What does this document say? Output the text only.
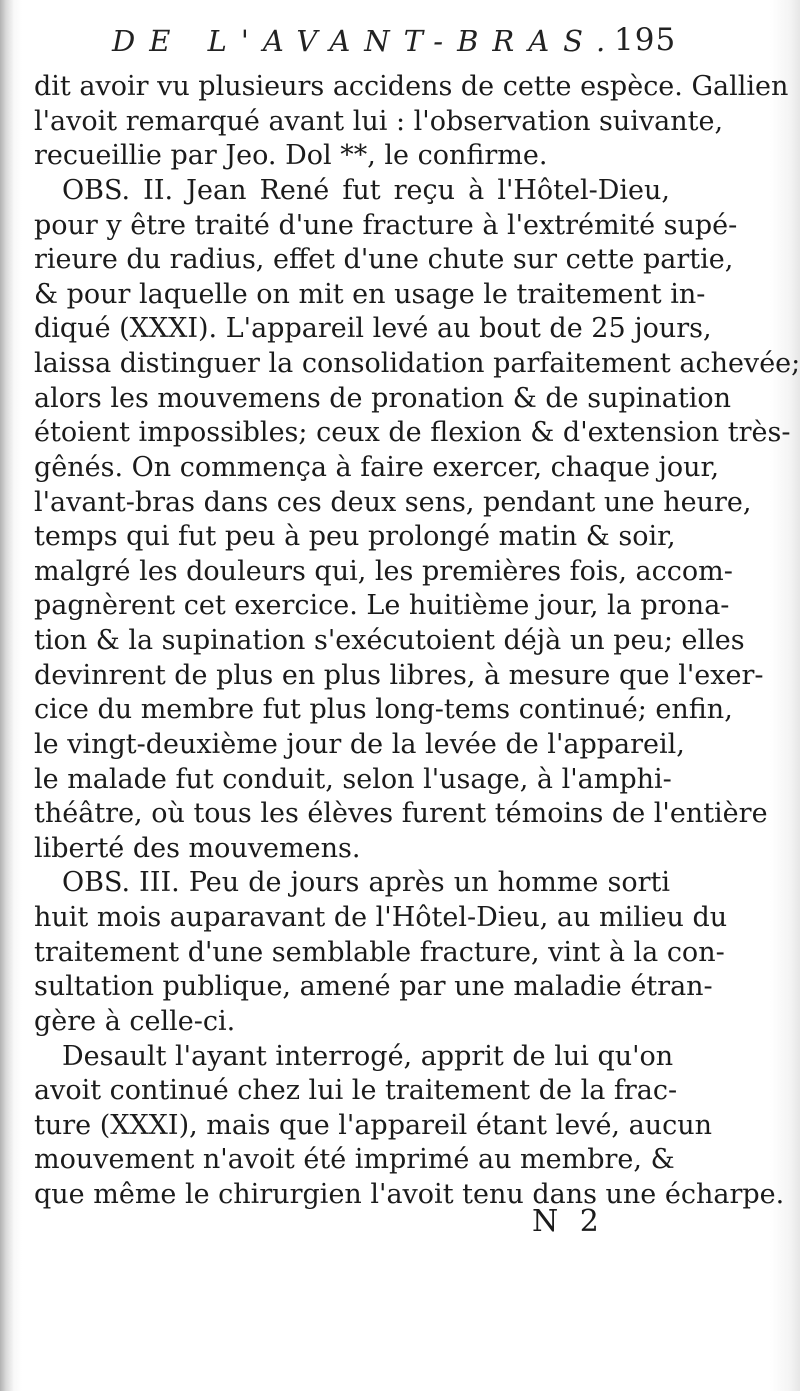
DE L'AVANT-BRAS.
195
dit avoir vu plusieurs accidens de cette espèce. Gallien
l'avoit remarqué avant lui : l'observation suivante,
recueillie par Jeo. Dol **, le confirme.
OBS. II. Jean René fut reçu à l'Hôtel-Dieu,
pour y être traité d'une fracture à l'extrémité supé-
rieure du radius, effet d'une chute sur cette partie,
& pour laquelle on mit en usage le traitement in-
diqué (XXXI). L'appareil levé au bout de 25 jours,
laissa distinguer la consolidation parfaitement achevée;
alors les mouvemens de pronation & de supination
étoient impossibles; ceux de flexion & d'extension très-
gênés. On commença à faire exercer, chaque jour,
l'avant-bras dans ces deux sens, pendant une heure,
temps qui fut peu à peu prolongé matin & soir,
malgré les douleurs qui, les premières fois, accom-
pagnèrent cet exercice. Le huitième jour, la prona-
tion & la supination s'exécutoient déjà un peu; elles
devinrent de plus en plus libres, à mesure que l'exer-
cice du membre fut plus long-tems continué; enfin,
le vingt-deuxième jour de la levée de l'appareil,
le malade fut conduit, selon l'usage, à l'amphi-
théâtre, où tous les élèves furent témoins de l'entière
liberté des mouvemens.
OBS. III. Peu de jours après un homme sorti
huit mois auparavant de l'Hôtel-Dieu, au milieu du
traitement d'une semblable fracture, vint à la con-
sultation publique, amené par une maladie étran-
gère à celle-ci.
Desault l'ayant interrogé, apprit de lui qu'on
avoit continué chez lui le traitement de la frac-
ture (XXXI), mais que l'appareil étant levé, aucun
mouvement n'avoit été imprimé au membre, &
que même le chirurgien l'avoit tenu dans une écharpe.
N 2
